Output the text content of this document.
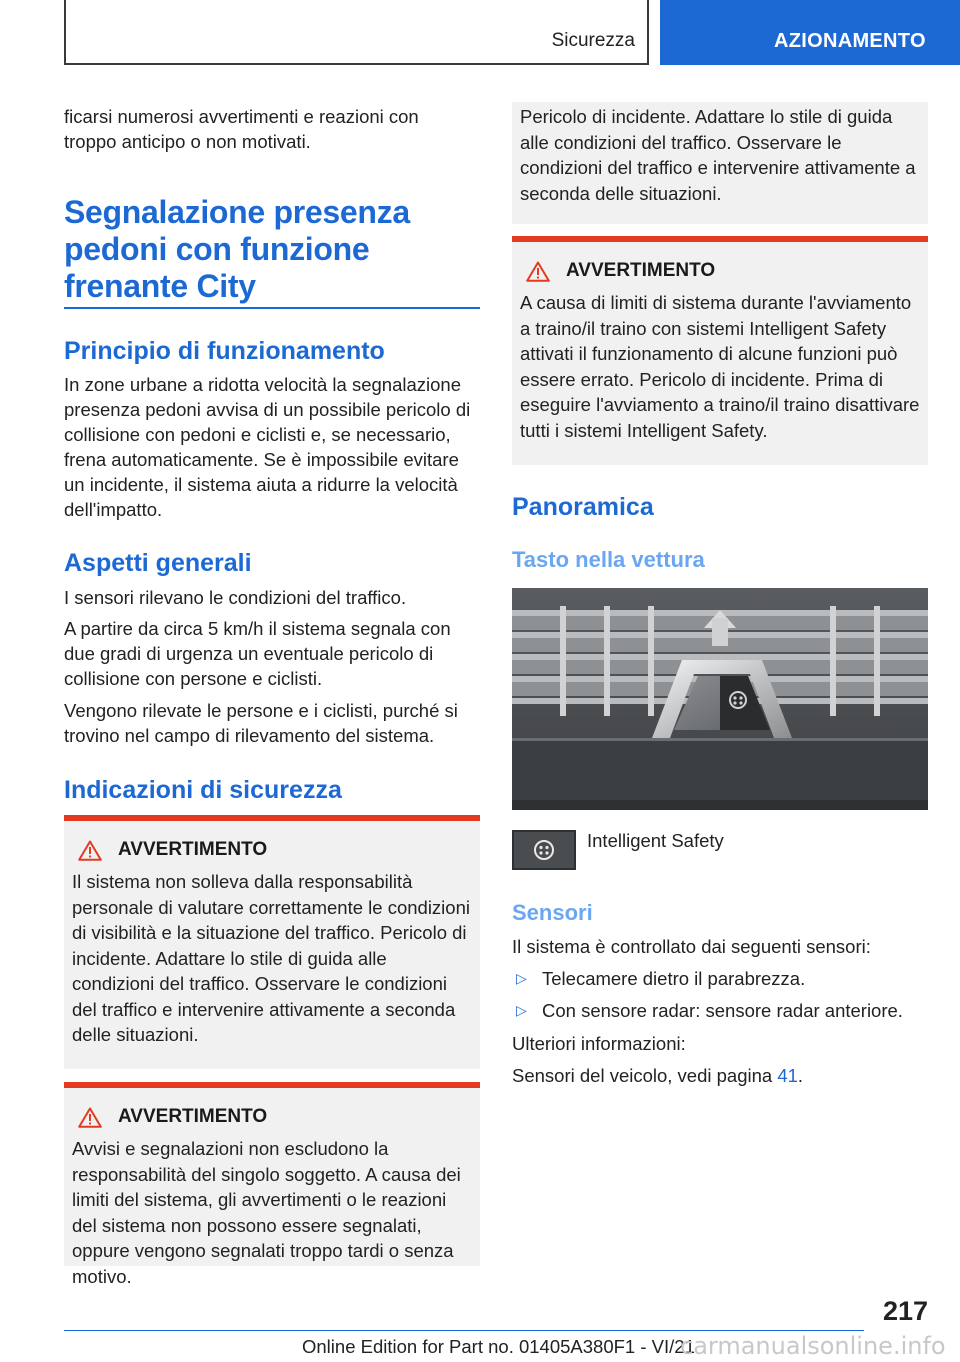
Sicurezza	AZIONAMENTO

ficarsi numerosi avvertimenti e reazioni con troppo anticipo o non motivati.

Segnalazione presenza
pedoni con funzione
frenante City
Principio di funzionamento

In zone urbane a ridotta velocità la segnalazione presenza pedoni avvisa di un possibile pericolo di collisione con pedoni e ciclisti e, se necessario, frena automaticamente. Se è impossibile evitare un incidente, il sistema aiuta a ridurre la velocità dell'impatto.

Aspetti generali

I sensori rilevano le condizioni del traffico.

A partire da circa 5 km/h il sistema segnala con due gradi di urgenza un eventuale pericolo di collisione con persone e ciclisti.

Vengono rilevate le persone e i ciclisti, purché si trovino nel campo di rilevamento del sistema.

Indicazioni di sicurezza
AVVERTIMENTO

Il sistema non solleva dalla responsabilità personale di valutare correttamente le condizioni di visibilità e la situazione del traffico. Pericolo di incidente. Adattare lo stile di guida alle condizioni del traffico. Osservare le condizioni del traffico e intervenire attivamente a seconda delle situazioni.

AVVERTIMENTO

Avvisi e segnalazioni non escludono la responsabilità del singolo soggetto. A causa dei limiti del sistema, gli avvertimenti o le reazioni del sistema non possono essere segnalati, oppure vengono segnalati troppo tardi o senza motivo.

Pericolo di incidente. Adattare lo stile di guida alle condizioni del traffico. Osservare le condizioni del traffico e intervenire attivamente a seconda delle situazioni.

AVVERTIMENTO

A causa di limiti di sistema durante l'avviamento a traino/il traino con sistemi Intelligent Safety attivati il funzionamento di alcune funzioni può essere errato. Pericolo di incidente. Prima di eseguire l'avviamento a traino/il traino disattivare tutti i sistemi Intelligent Safety.

Panoramica
Tasto nella vettura

Intelligent Safety

Sensori

Il sistema è controllato dai seguenti sensori:

▷ Telecamere dietro il parabrezza.
▷ Con sensore radar: sensore radar anteriore.

Ulteriori informazioni:

Sensori del veicolo, vedi pagina 41.

217
Online Edition for Part no. 01405A380F1 - VI/21
carmanualsonline.info
